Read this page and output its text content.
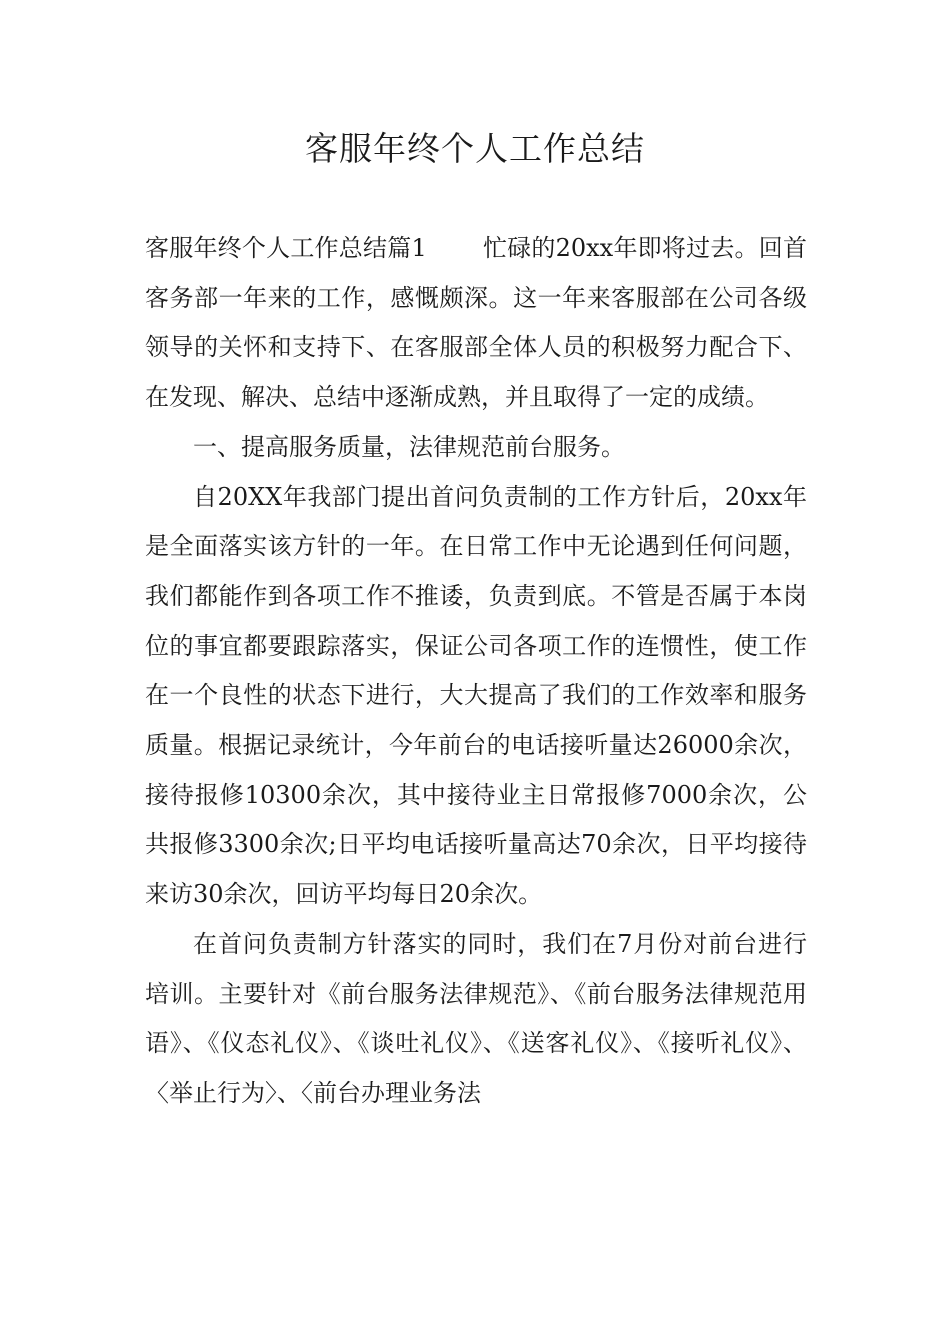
客服年终个人工作总结

客服年终个人工作总结篇1 忙碌的20xx年即将过去。回首客务部一年来的工作，感慨颇深。这一年来客服部在公司各级领导的关怀和支持下、在客服部全体人员的积极努力配合下、在发现、解决、总结中逐渐成熟，并且取得了一定的成绩。

一、提高服务质量，法律规范前台服务。

自20XX年我部门提出首问负责制的工作方针后，20xx年是全面落实该方针的一年。在日常工作中无论遇到任何问题，我们都能作到各项工作不推诿，负责到底。不管是否属于本岗位的事宜都要跟踪落实，保证公司各项工作的连惯性，使工作在一个良性的状态下进行，大大提高了我们的工作效率和服务质量。根据记录统计，今年前台的电话接听量达26000余次，接待报修10300余次，其中接待业主日常报修7000余次，公共报修3300余次;日平均电话接听量高达70余次，日平均接待来访30余次，回访平均每日20余次。

在首问负责制方针落实的同时，我们在7月份对前台进行培训。主要针对《前台服务法律规范》、《前台服务法律规范用语》、《仪态礼仪》、《谈吐礼仪》、《送客礼仪》、《接听礼仪》、〈举止行为〉、〈前台办理业务法
